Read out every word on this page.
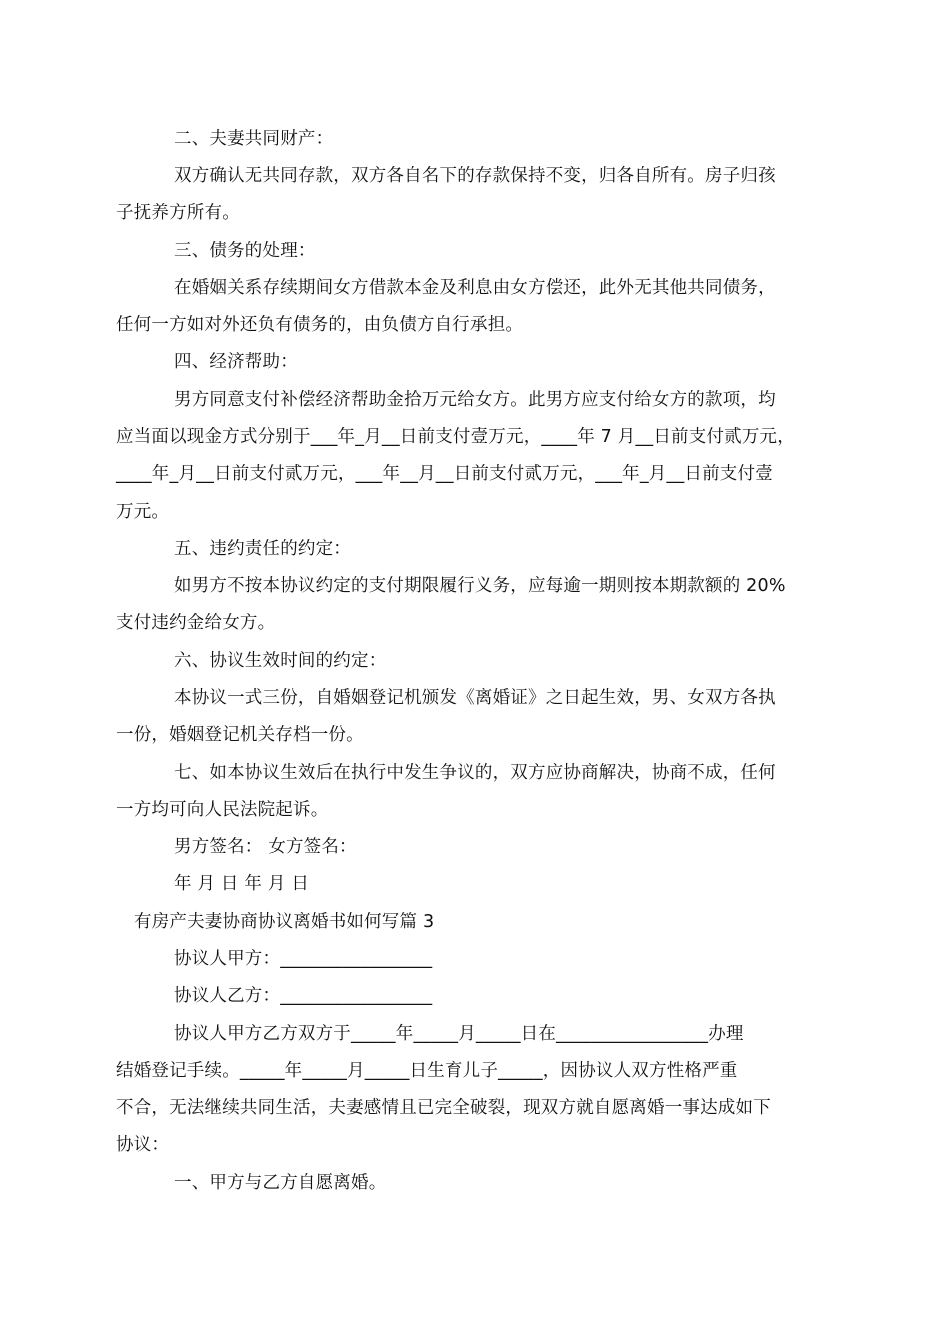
二、夫妻共同财产：
双方确认无共同存款，双方各自名下的存款保持不变，归各自所有。房子归孩
子抚养方所有。
三、债务的处理：
在婚姻关系存续期间女方借款本金及利息由女方偿还，此外无其他共同债务，
任何一方如对外还负有债务的，由负债方自行承担。
四、经济帮助：
男方同意支付补偿经济帮助金拾万元给女方。此男方应支付给女方的款项，均
应当面以现金方式分别于___年_月__日前支付壹万元，____年 7 月__日前支付贰万元，
____年_月__日前支付贰万元，___年__月__日前支付贰万元，___年_月__日前支付壹
万元。
五、违约责任的约定：
如男方不按本协议约定的支付期限履行义务，应每逾一期则按本期款额的 20%
支付违约金给女方。
六、协议生效时间的约定：
本协议一式三份，自婚姻登记机颁发《离婚证》之日起生效，男、女双方各执
一份，婚姻登记机关存档一份。
七、如本协议生效后在执行中发生争议的，双方应协商解决，协商不成，任何
一方均可向人民法院起诉。
男方签名： 女方签名：
年 月 日 年 月 日
有房产夫妻协商协议离婚书如何写篇 3
协议人甲方：_________________
协议人乙方：_________________
协议人甲方乙方双方于_____年_____月_____日在_________________办理
结婚登记手续。_____年_____月_____日生育儿子_____，因协议人双方性格严重
不合，无法继续共同生活，夫妻感情且已完全破裂，现双方就自愿离婚一事达成如下
协议：
一、甲方与乙方自愿离婚。
